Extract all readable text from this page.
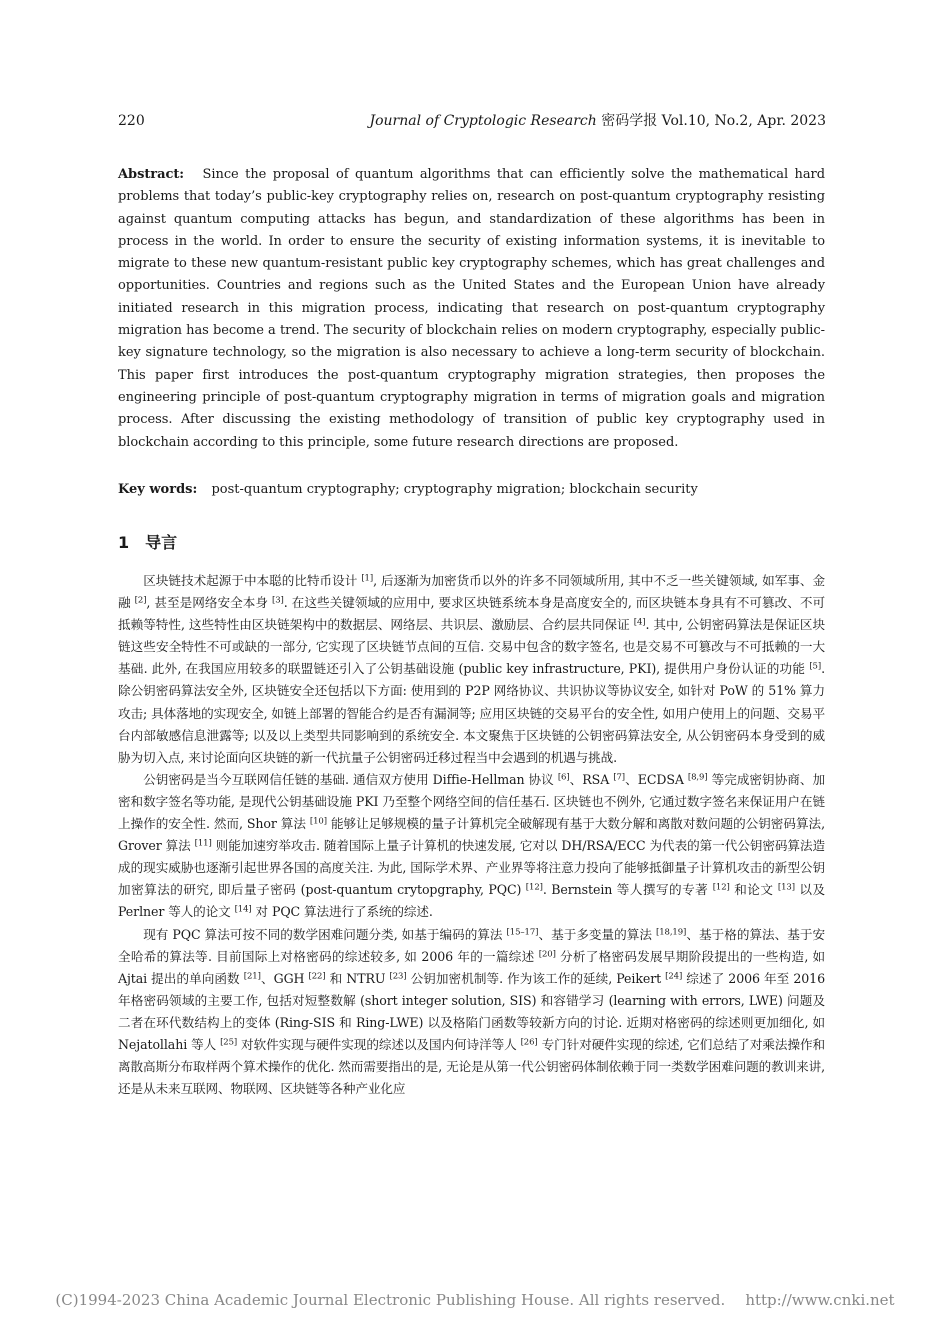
220	Journal of Cryptologic Research 密码学报 Vol.10, No.2, Apr. 2023
Abstract: Since the proposal of quantum algorithms that can efficiently solve the mathematical hard problems that today’s public-key cryptography relies on, research on post-quantum cryptography resisting against quantum computing attacks has begun, and standardization of these algorithms has been in process in the world. In order to ensure the security of existing information systems, it is inevitable to migrate to these new quantum-resistant public key cryptography schemes, which has great challenges and opportunities. Countries and regions such as the United States and the European Union have already initiated research in this migration process, indicating that research on post-quantum cryptography migration has become a trend. The security of blockchain relies on modern cryptography, especially public-key signature technology, so the migration is also necessary to achieve a long-term security of blockchain. This paper first introduces the post-quantum cryptography migration strategies, then proposes the engineering principle of post-quantum cryptography migration in terms of migration goals and migration process. After discussing the existing methodology of transition of public key cryptography used in blockchain according to this principle, some future research directions are proposed.
Key words: post-quantum cryptography; cryptography migration; blockchain security
1 导言

区块链技术起源于中本聪的比特币设计 [1], 后逐渐为加密货币以外的许多不同领域所用, 其中不乏一些关键领域, 如军事、金融 [2], 甚至是网络安全本身 [3]. 在这些关键领域的应用中, 要求区块链系统本身是高度安全的, 而区块链本身具有不可篡改、不可抵赖等特性, 这些特性由区块链架构中的数据层、网络层、共识层、激励层、合约层共同保证 [4]. 其中, 公钥密码算法是保证区块链这些安全特性不可或缺的一部分, 它实现了区块链节点间的互信. 交易中包含的数字签名, 也是交易不可篡改与不可抵赖的一大基础. 此外, 在我国应用较多的联盟链还引入了公钥基础设施 (public key infrastructure, PKI), 提供用户身份认证的功能 [5]. 除公钥密码算法安全外, 区块链安全还包括以下方面: 使用到的 P2P 网络协议、共识协议等协议安全, 如针对 PoW 的 51% 算力攻击; 具体落地的实现安全, 如链上部署的智能合约是否有漏洞等; 应用区块链的交易平台的安全性, 如用户使用上的问题、交易平台内部敏感信息泄露等; 以及以上类型共同影响到的系统安全. 本文聚焦于区块链的公钥密码算法安全, 从公钥密码本身受到的威胁为切入点, 来讨论面向区块链的新一代抗量子公钥密码迁移过程当中会遇到的机遇与挑战.

公钥密码是当今互联网信任链的基础. 通信双方使用 Diffie-Hellman 协议 [6]、RSA [7]、ECDSA [8,9] 等完成密钥协商、加密和数字签名等功能, 是现代公钥基础设施 PKI 乃至整个网络空间的信任基石. 区块链也不例外, 它通过数字签名来保证用户在链上操作的安全性. 然而, Shor 算法 [10] 能够让足够规模的量子计算机完全破解现有基于大数分解和离散对数问题的公钥密码算法, Grover 算法 [11] 则能加速穷举攻击. 随着国际上量子计算机的快速发展, 它对以 DH/RSA/ECC 为代表的第一代公钥密码算法造成的现实威胁也逐渐引起世界各国的高度关注. 为此, 国际学术界、产业界等将注意力投向了能够抵御量子计算机攻击的新型公钥加密算法的研究, 即后量子密码 (post-quantum crytopgraphy, PQC) [12]. Bernstein 等人撰写的专著 [12] 和论文 [13] 以及 Perlner 等人的论文 [14] 对 PQC 算法进行了系统的综述.

现有 PQC 算法可按不同的数学困难问题分类, 如基于编码的算法 [15–17]、基于多变量的算法 [18,19]、基于格的算法、基于安全哈希的算法等. 目前国际上对格密码的综述较多, 如 2006 年的一篇综述 [20] 分析了格密码发展早期阶段提出的一些构造, 如 Ajtai 提出的单向函数 [21]、GGH [22] 和 NTRU [23] 公钥加密机制等. 作为该工作的延续, Peikert [24] 综述了 2006 年至 2016 年格密码领域的主要工作, 包括对短整数解 (short integer solution, SIS) 和容错学习 (learning with errors, LWE) 问题及二者在环代数结构上的变体 (Ring-SIS 和 Ring-LWE) 以及格陷门函数等较新方向的讨论. 近期对格密码的综述则更加细化, 如 Nejatollahi 等人 [25] 对软件实现与硬件实现的综述以及国内何诗洋等人 [26] 专门针对硬件实现的综述, 它们总结了对乘法操作和离散高斯分布取样两个算术操作的优化. 然而需要指出的是, 无论是从第一代公钥密码体制依赖于同一类数学困难问题的教训来讲, 还是从未来互联网、物联网、区块链等各种产业化应

(C)1994-2023 China Academic Journal Electronic Publishing House. All rights reserved. http://www.cnki.net
